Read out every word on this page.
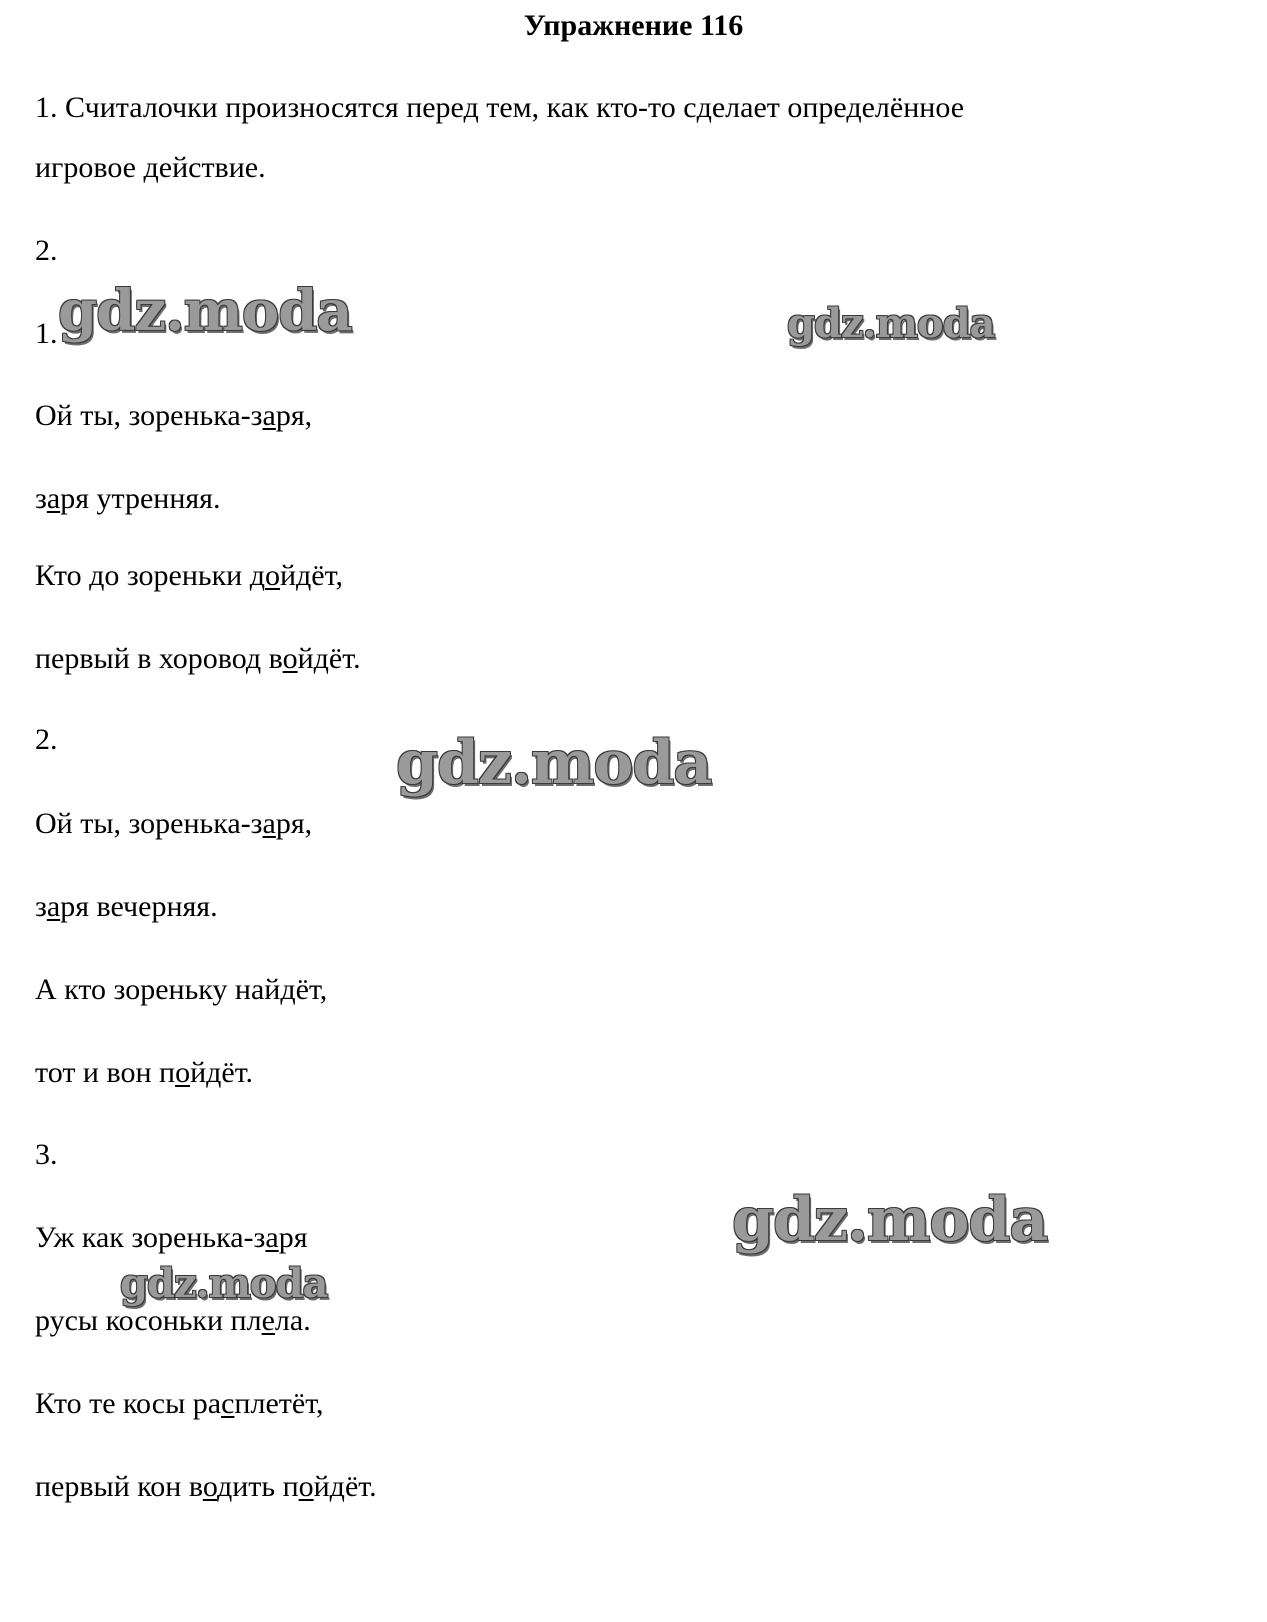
Упражнение 116
1. Считалочки произносятся перед тем, как кто-то сделает определённое
игровое действие.
2.
1.
Ой ты, зоренька-заря,
заря утренняя.
Кто до зореньки дойдёт,
первый в хоровод войдёт.
2.
Ой ты, зоренька-заря,
заря вечерняя.
А кто зореньку найдёт,
тот и вон пойдёт.
3.
Уж как зоренька-заря
русы косоньки плела.
Кто те косы расплетёт,
первый кон водить пойдёт.
gdz.moda	gdz.moda
gdz.moda
gdz.moda
gdz.moda
